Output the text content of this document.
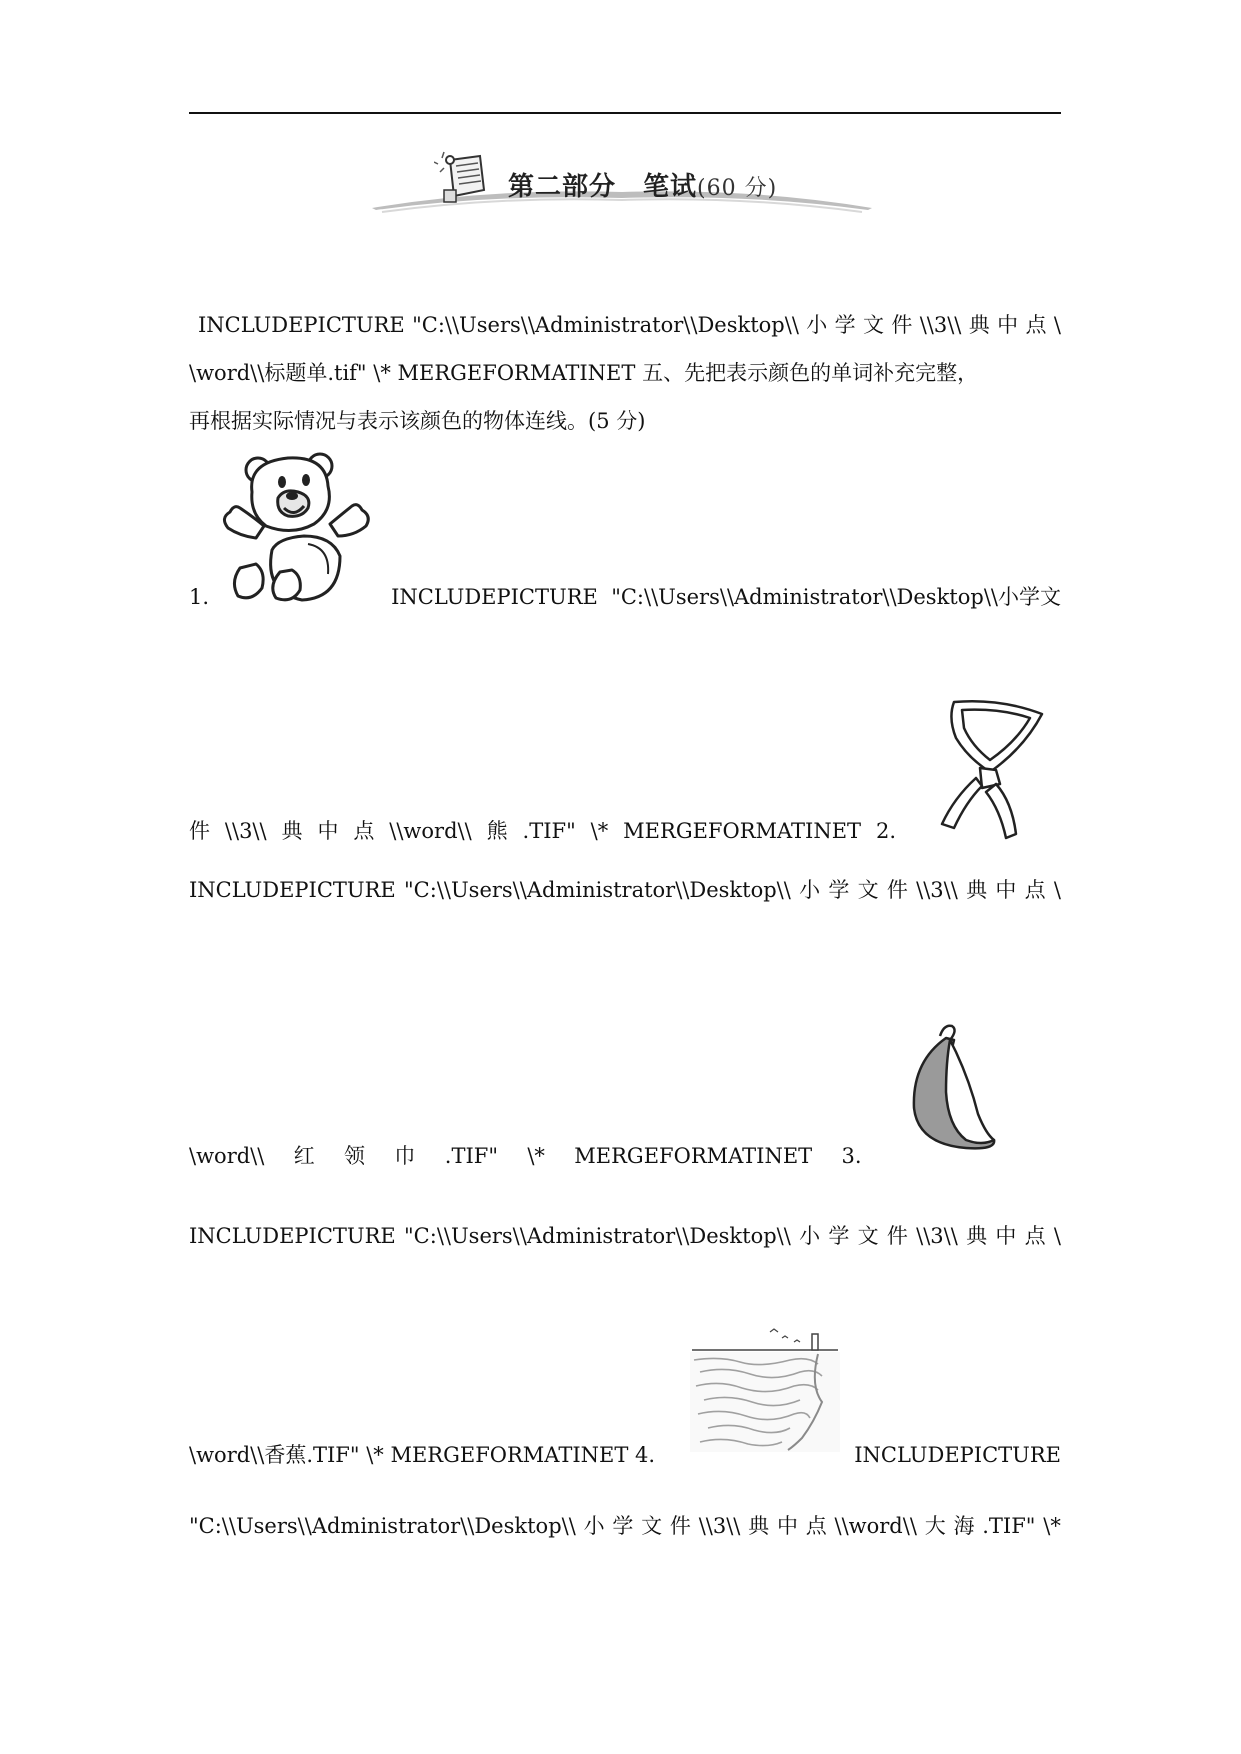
第二部分　笔试(60 分)
INCLUDEPICTURE "C:\\Users\\Administrator\\Desktop\\ 小 学 文 件 \\3\\ 典 中 点 \
\word\\标题单.tif" \* MERGEFORMATINET 五、先把表示颜色的单词补充完整，
再根据实际情况与表示该颜色的物体连线。(5 分)
1.	INCLUDEPICTURE  "C:\\Users\\Administrator\\Desktop\\小学文
件 \\3\\ 典 中 点 \\word\\ 熊 .TIF" \* MERGEFORMATINET 2.
INCLUDEPICTURE "C:\\Users\\Administrator\\Desktop\\ 小 学 文 件 \\3\\ 典 中 点 \
\word\\ 红 领 巾 .TIF" \* MERGEFORMATINET 3.
INCLUDEPICTURE "C:\\Users\\Administrator\\Desktop\\ 小 学 文 件 \\3\\ 典 中 点 \
\word\\香蕉.TIF" \* MERGEFORMATINET 4.	INCLUDEPICTURE
"C:\\Users\\Administrator\\Desktop\\ 小 学 文 件 \\3\\ 典 中 点 \\word\\ 大 海 .TIF" \*
